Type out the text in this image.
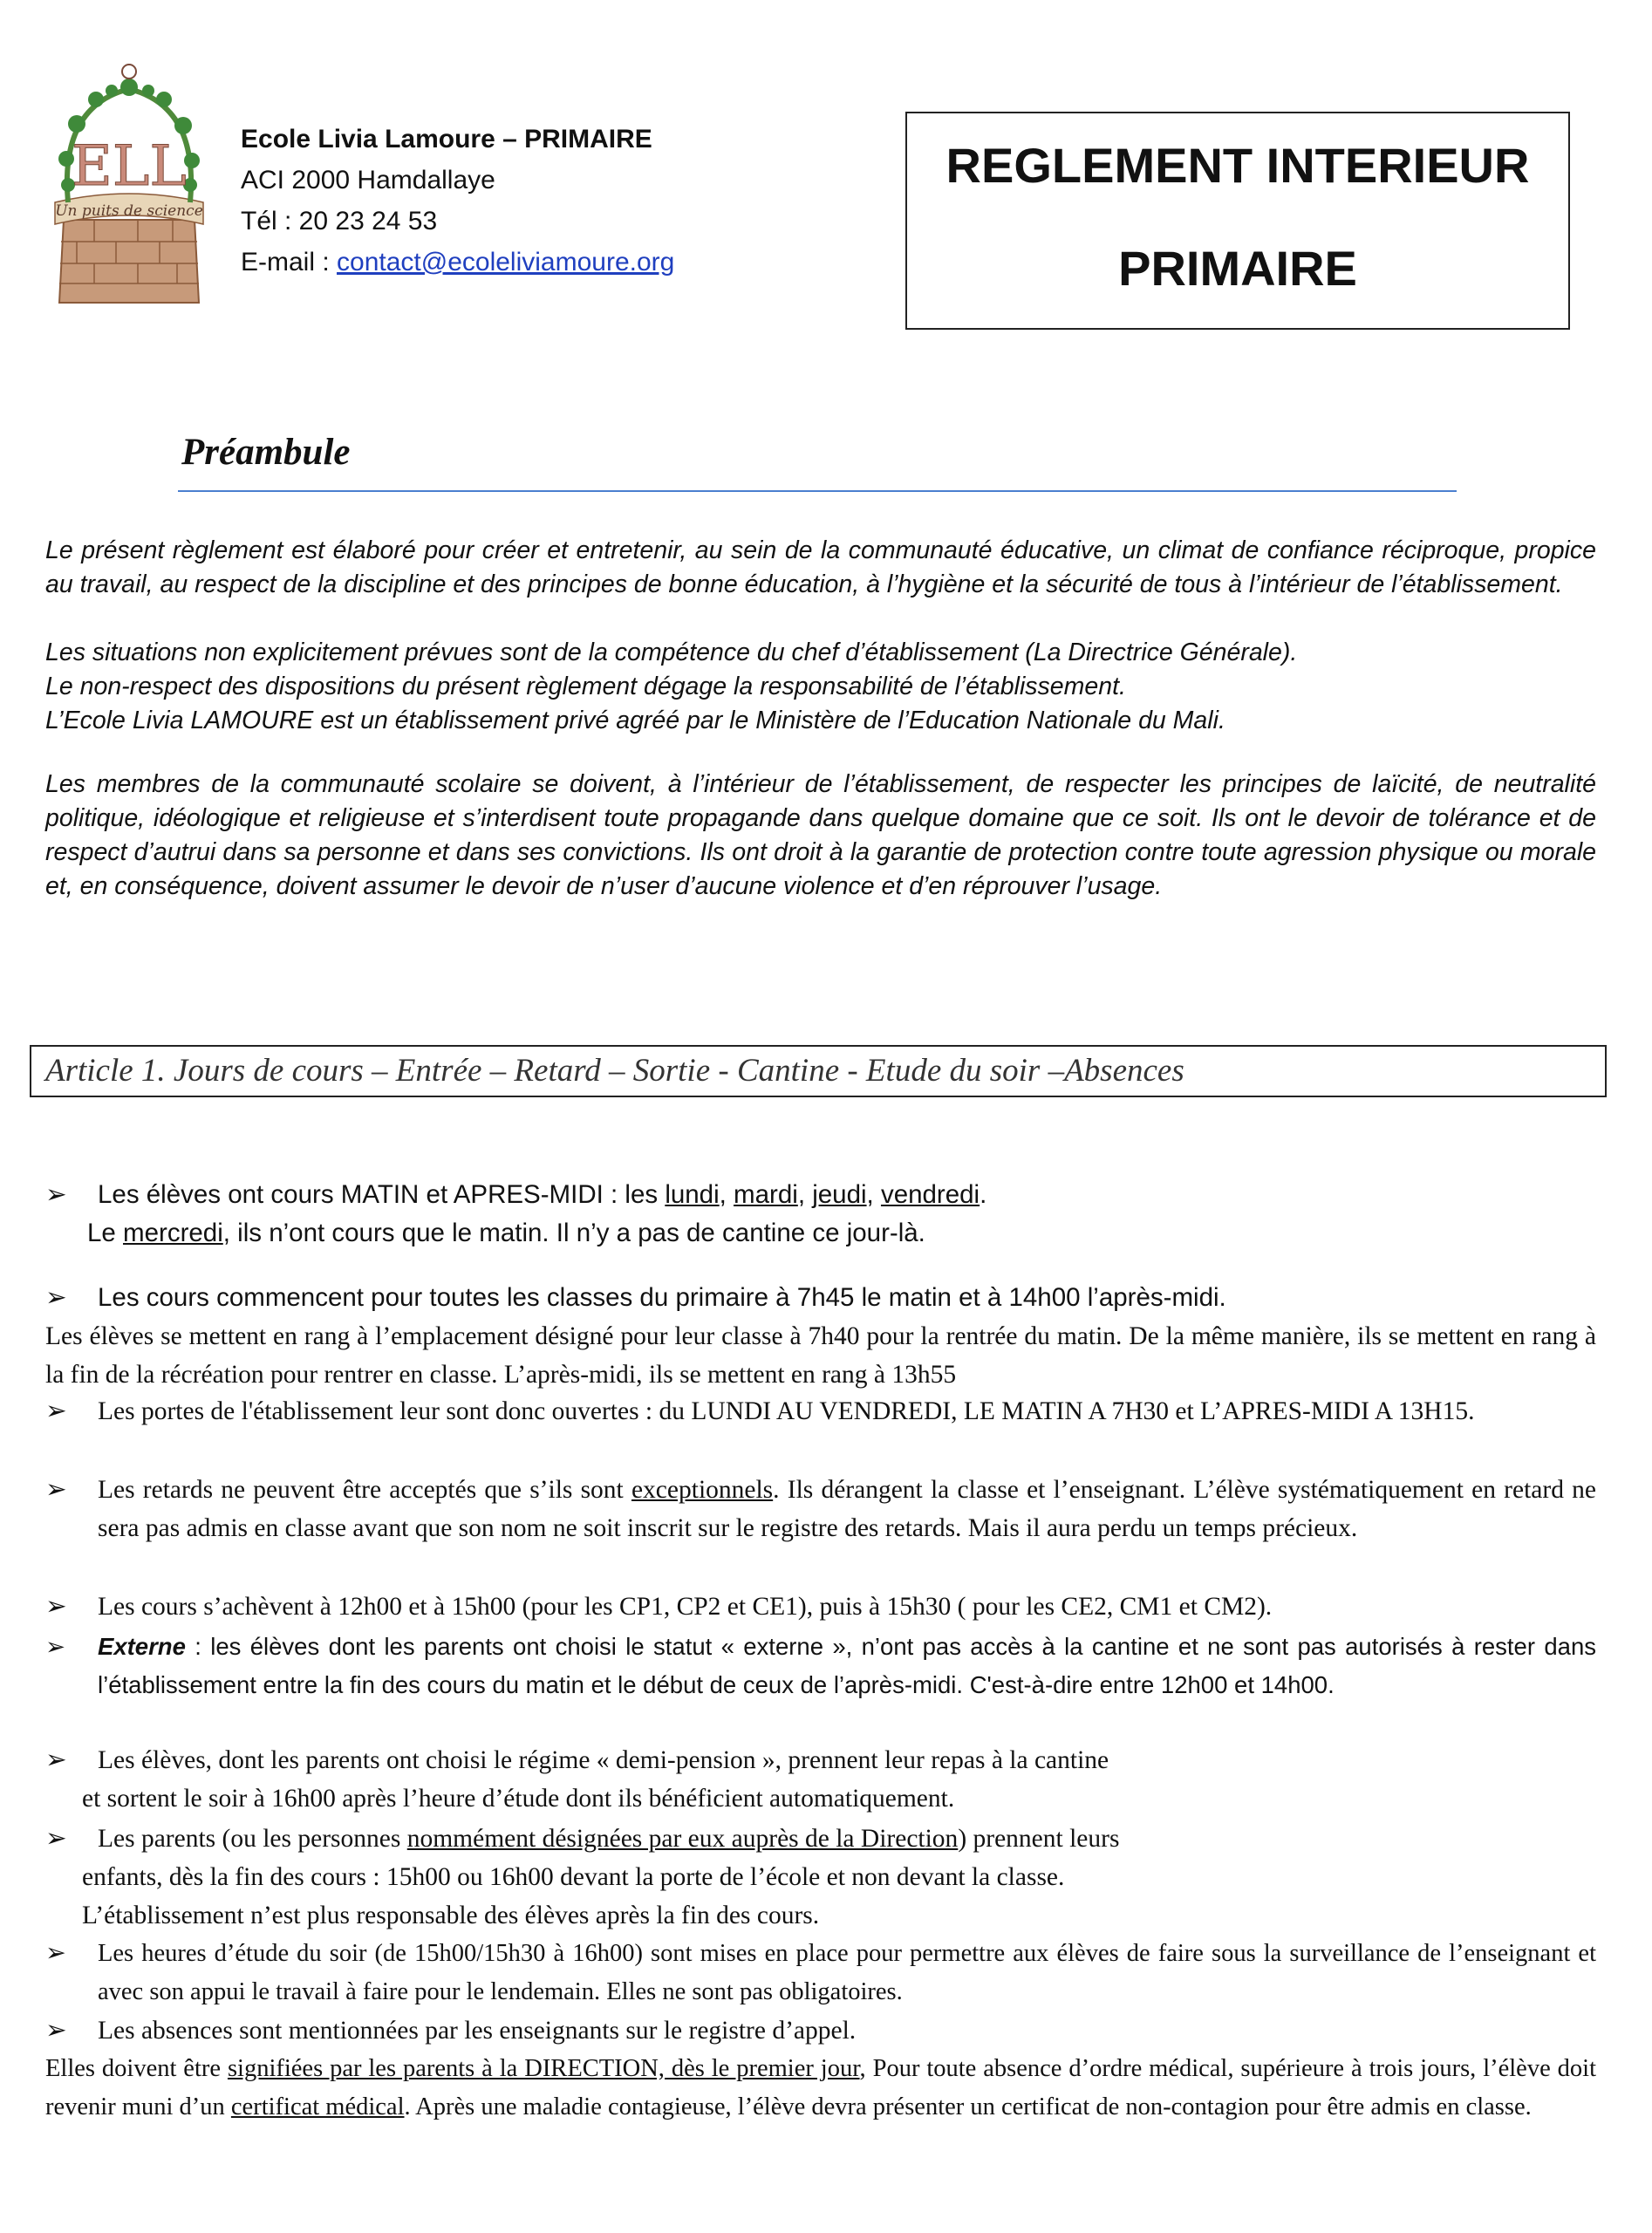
Un puits de science
ELL Ecole Livia Lamoure – PRIMAIRE
ACI 2000 Hamdallaye
Tél : 20 23 24 53
E-mail : contact@ecoleliviamoure.org
REGLEMENT INTERIEUR
PRIMAIRE
Préambule
Le présent règlement est élaboré pour créer et entretenir, au sein de la communauté éducative, un climat de confiance réciproque, propice au travail, au respect de la discipline et des principes de bonne éducation, à l’hygiène et la sécurité de tous à l’intérieur de l’établissement.
Les situations non explicitement prévues sont de la compétence du chef d’établissement (La Directrice Générale).
Le non-respect des dispositions du présent règlement dégage la responsabilité de l’établissement.
L’Ecole Livia LAMOURE est un établissement privé agréé par le Ministère de l’Education Nationale du Mali.
Les membres de la communauté scolaire se doivent, à l’intérieur de l’établissement, de respecter les principes de laïcité, de neutralité politique, idéologique et religieuse et s’interdisent toute propagande dans quelque domaine que ce soit. Ils ont le devoir de tolérance et de respect d’autrui dans sa personne et dans ses convictions. Ils ont droit à la garantie de protection contre toute agression physique ou morale et, en conséquence, doivent assumer le devoir de n’user d’aucune violence et d’en réprouver l’usage.
Article 1. Jours de cours – Entrée – Retard – Sortie - Cantine - Etude du soir –Absences
➢	Les élèves ont cours MATIN et APRES-MIDI : les lundi, mardi, jeudi, vendredi.
Le mercredi, ils n’ont cours que le matin. Il n’y a pas de cantine ce jour-là.
➢	Les cours commencent pour toutes les classes du primaire à 7h45 le matin et à 14h00 l’après-midi.
Les élèves se mettent en rang à l’emplacement désigné pour leur classe à 7h40 pour la rentrée du matin. De la même manière, ils se mettent en rang à la fin de la récréation pour rentrer en classe. L’après-midi, ils se mettent en rang à 13h55
➢	Les portes de l'établissement leur sont donc ouvertes : du LUNDI AU VENDREDI, LE MATIN A 7H30 et L’APRES-MIDI A 13H15.
➢	Les retards ne peuvent être acceptés que s’ils sont exceptionnels. Ils dérangent la classe et l’enseignant. L’élève systématiquement en retard ne sera pas admis en classe avant que son nom ne soit inscrit sur le registre des retards. Mais il aura perdu un temps précieux.
➢	Les cours s’achèvent à 12h00 et à 15h00 (pour les CP1, CP2 et CE1), puis à 15h30 ( pour les CE2, CM1 et CM2).
➢	Externe : les élèves dont les parents ont choisi le statut « externe », n’ont pas accès à la cantine et ne sont pas autorisés à rester dans l’établissement entre la fin des cours du matin et le début de ceux de l’après-midi. C'est-à-dire entre 12h00 et 14h00.
➢	Les élèves, dont les parents ont choisi le régime « demi-pension », prennent leur repas à la cantine
et sortent le soir à 16h00 après l’heure d’étude dont ils bénéficient automatiquement.
➢	Les parents (ou les personnes nommément désignées par eux auprès de la Direction) prennent leurs
enfants, dès la fin des cours : 15h00 ou 16h00 devant la porte de l’école et non devant la classe.
L’établissement n’est plus responsable des élèves après la fin des cours.
➢	Les heures d’étude du soir (de 15h00/15h30 à 16h00) sont mises en place pour permettre aux élèves de faire sous la surveillance de l’enseignant et avec son appui le travail à faire pour le lendemain. Elles ne sont pas obligatoires.
➢	Les absences sont mentionnées par les enseignants sur le registre d’appel.
Elles doivent être signifiées par les parents à la DIRECTION, dès le premier jour, Pour toute absence d’ordre médical, supérieure à trois jours, l’élève doit revenir muni d’un certificat médical. Après une maladie contagieuse, l’élève devra présenter un certificat de non-contagion pour être admis en classe.
